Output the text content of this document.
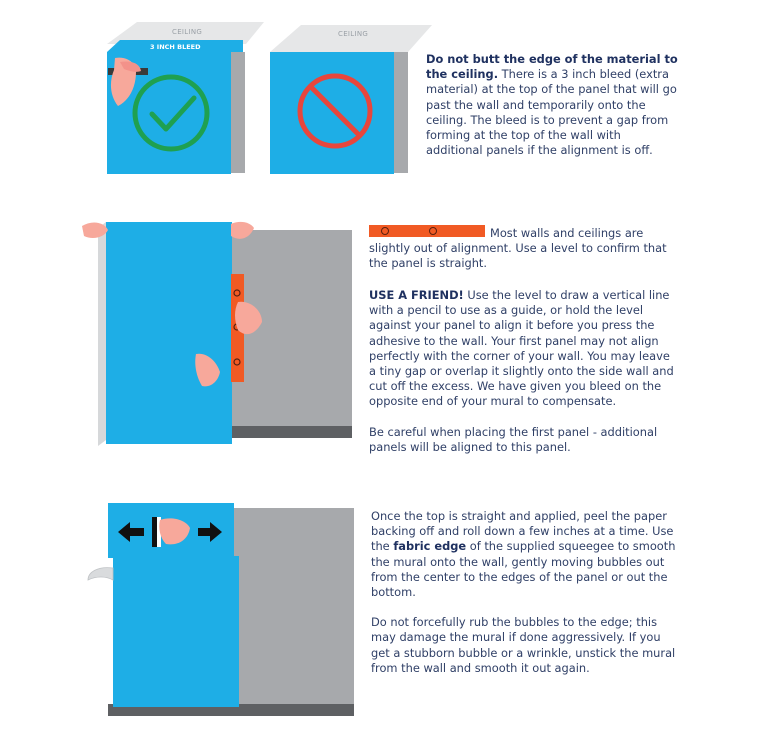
CEILING
3 INCH BLEED
CEILING

Do not butt the edge of the material to the ceiling. There is a 3 inch bleed (extra material) at the top of the panel that will go past the wall and temporarily onto the ceiling. The bleed is to prevent a gap from forming at the top of the wall with additional panels if the alignment is off.

Most walls and ceilings are slightly out of alignment. Use a level to confirm that the panel is straight.

USE A FRIEND! Use the level to draw a vertical line with a pencil to use as a guide, or hold the level against your panel to align it before you press the adhesive to the wall. Your first panel may not align perfectly with the corner of your wall. You may leave a tiny gap or overlap it slightly onto the side wall and cut off the excess. We have given you bleed on the opposite end of your mural to compensate.

Be careful when placing the first panel - additional panels will be aligned to this panel.

Once the top is straight and applied, peel the paper backing off and roll down a few inches at a time. Use the fabric edge of the supplied squeegee to smooth the mural onto the wall, gently moving bubbles out from the center to the edges of the panel or out the bottom.

Do not forcefully rub the bubbles to the edge; this may damage the mural if done aggressively. If you get a stubborn bubble or a wrinkle, unstick the mural from the wall and smooth it out again.
